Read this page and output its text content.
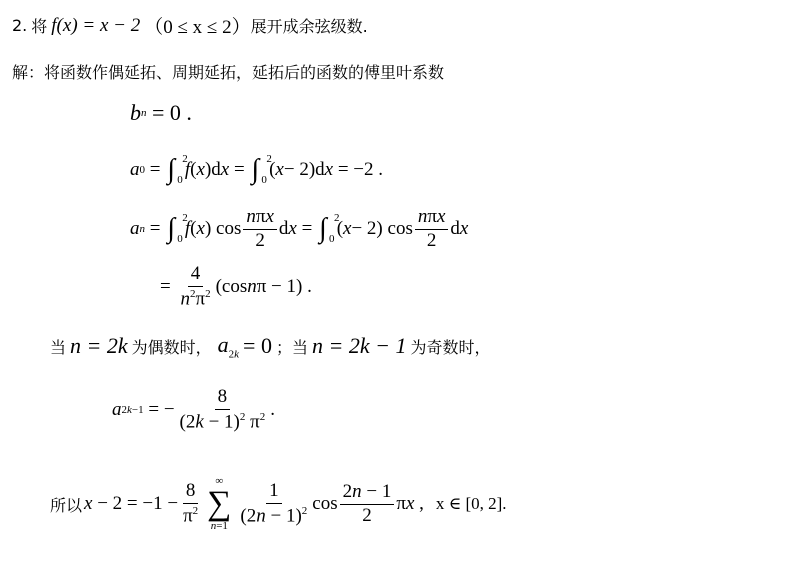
2. 将 f(x) = x − 2 （0 ≤ x ≤ 2） 展开成余弦级数.
解： 将函数作偶延拓、周期延拓，延拓后的函数的傅里叶系数
b n = 0 .
a 0 = ∫ 2
0 f ( x )d x = ∫ 2
0 ( x − 2)d x = −2 .
a n = ∫ 2
0 f ( x ) $\cos \frac{\text{nπx}}{2}$ d x = ∫ 2
0 ( x − 2) $\cos \frac{\text{nπx}}{2}$ d x
= $\frac{4}{n^2\pi^2} (\cos$ n π − 1) .
当 n = 2k 为偶数时， $a_{2k} = 0$ ；当 n = 2k − 1 为奇数时，
a 2k−1 = − $\frac{8}{(2k - 1)^2 \pi^2}$ .
所以 $x - 2 = -1 - \frac{8}{\pi^2}$ ∞
∑
$n=1 \frac{1}{(2n - 1)^2}$ $\cos \frac{2n - 1}{2}$ π x , x ∈ [0, 2].
